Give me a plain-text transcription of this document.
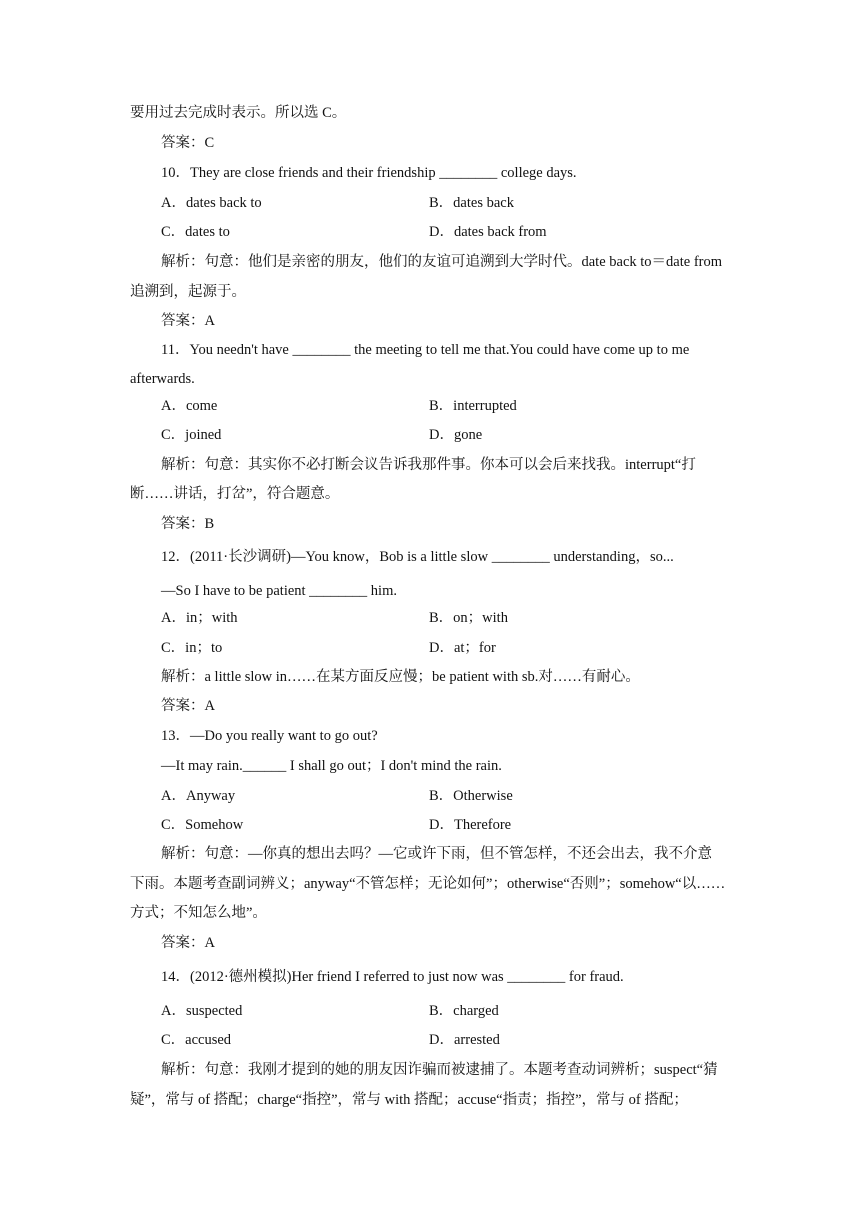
要用过去完成时表示。所以选 C。
答案：C
10．They are close friends and their friendship ________ college days.
A．dates back to	B．dates back
C．dates to	D．dates back from
解析：句意：他们是亲密的朋友，他们的友谊可追溯到大学时代。date back to＝date from
追溯到，起源于。
答案：A
11．You needn't have ________ the meeting to tell me that.You could have come up to me
afterwards.
A．come	B．interrupted
C．joined	D．gone
解析：句意：其实你不必打断会议告诉我那件事。你本可以会后来找我。interrupt“打
断……讲话，打岔”，符合题意。
答案：B
12．(2011·长沙调研)—You know，Bob is a little slow ________ understanding，so...
—So I have to be patient ________ him.
A．in；with	B．on；with
C．in；to	D．at；for
解析：a little slow in……在某方面反应慢；be patient with sb.对……有耐心。
答案：A
13．—Do you really want to go out?
—It may rain.______ I shall go out；I don't mind the rain.
A．Anyway	B．Otherwise
C．Somehow	D．Therefore
解析：句意：—你真的想出去吗？—它或许下雨，但不管怎样，不还会出去，我不介意
下雨。本题考查副词辨义；anyway“不管怎样；无论如何”；otherwise“否则”；somehow“以……
方式；不知怎么地”。
答案：A
14．(2012·德州模拟)Her friend I referred to just now was ________ for fraud.
A．suspected	B．charged
C．accused	D．arrested
解析：句意：我刚才提到的她的朋友因诈骗而被逮捕了。本题考查动词辨析；suspect“猜
疑”，常与 of 搭配；charge“指控”，常与 with 搭配；accuse“指责；指控”，常与 of 搭配；
